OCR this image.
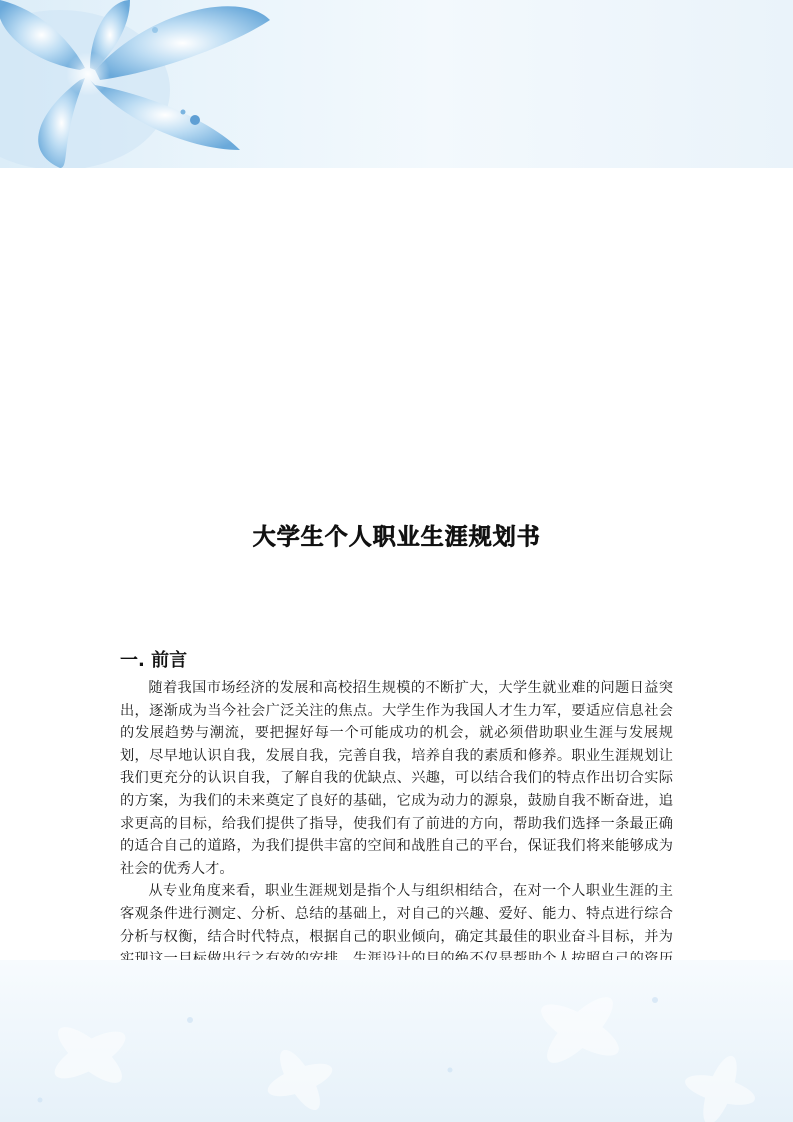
大学生个人职业生涯规划书
一. 前言

随着我国市场经济的发展和高校招生规模的不断扩大，大学生就业难的问题日益突出，逐渐成为当今社会广泛关注的焦点。大学生作为我国人才生力军，要适应信息社会的发展趋势与潮流，要把握好每一个可能成功的机会，就必须借助职业生涯与发展规划，尽早地认识自我，发展自我，完善自我，培养自我的素质和修养。职业生涯规划让我们更充分的认识自我，了解自我的优缺点、兴趣，可以结合我们的特点作出切合实际的方案，为我们的未来奠定了良好的基础，它成为动力的源泉，鼓励自我不断奋进，追求更高的目标，给我们提供了指导，使我们有了前进的方向，帮助我们选择一条最正确的适合自己的道路，为我们提供丰富的空间和战胜自己的平台，保证我们将来能够成为社会的优秀人才。

从专业角度来看，职业生涯规划是指个人与组织相结合，在对一个人职业生涯的主客观条件进行测定、分析、总结的基础上，对自己的兴趣、爱好、能力、特点进行综合分析与权衡，结合时代特点，根据自己的职业倾向，确定其最佳的职业奋斗目标，并为
